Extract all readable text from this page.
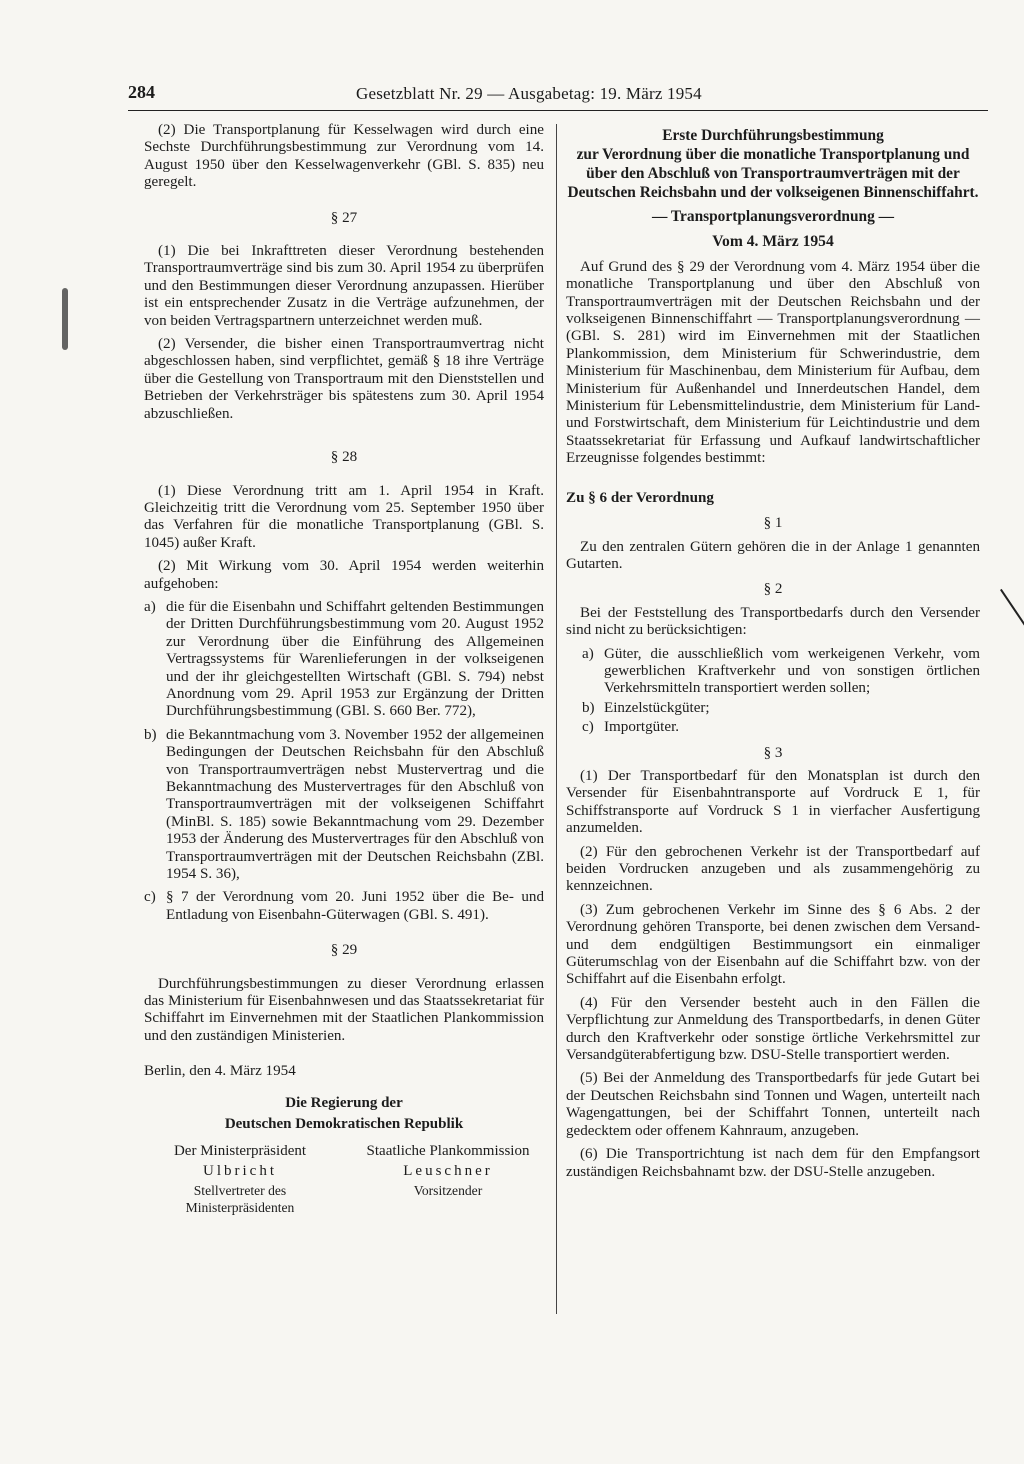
284	Gesetzblatt Nr. 29 — Ausgabetag: 19. März 1954

(2) Die Transportplanung für Kesselwagen wird durch eine Sechste Durchführungsbestimmung zur Verordnung vom 14. August 1950 über den Kesselwagenverkehr (GBl. S. 835) neu geregelt.

§ 27

(1) Die bei Inkrafttreten dieser Verordnung bestehenden Transportraumverträge sind bis zum 30. April 1954 zu überprüfen und den Bestimmungen dieser Verordnung anzupassen. Hierüber ist ein entsprechender Zusatz in die Verträge aufzunehmen, der von beiden Vertragspartnern unterzeichnet werden muß.

(2) Versender, die bisher einen Transportraumvertrag nicht abgeschlossen haben, sind verpflichtet, gemäß § 18 ihre Verträge über die Gestellung von Transportraum mit den Dienststellen und Betrieben der Verkehrsträger bis spätestens zum 30. April 1954 abzuschließen.

§ 28

(1) Diese Verordnung tritt am 1. April 1954 in Kraft. Gleichzeitig tritt die Verordnung vom 25. September 1950 über das Verfahren für die monatliche Transportplanung (GBl. S. 1045) außer Kraft.

(2) Mit Wirkung vom 30. April 1954 werden weiterhin aufgehoben:

a) die für die Eisenbahn und Schiffahrt geltenden Bestimmungen der Dritten Durchführungsbestimmung vom 20. August 1952 zur Verordnung über die Einführung des Allgemeinen Vertragssystems für Warenlieferungen in der volkseigenen und der ihr gleichgestellten Wirtschaft (GBl. S. 794) nebst Anordnung vom 29. April 1953 zur Ergänzung der Dritten Durchführungsbestimmung (GBl. S. 660 Ber. 772),
b) die Bekanntmachung vom 3. November 1952 der allgemeinen Bedingungen der Deutschen Reichsbahn für den Abschluß von Transportraumverträgen nebst Mustervertrag und die Bekanntmachung des Mustervertrages für den Abschluß von Transportraumverträgen mit der volkseigenen Schiffahrt (MinBl. S. 185) sowie Bekanntmachung vom 29. Dezember 1953 der Änderung des Mustervertrages für den Abschluß von Transportraumverträgen mit der Deutschen Reichsbahn (ZBl. 1954 S. 36),
c) § 7 der Verordnung vom 20. Juni 1952 über die Be- und Entladung von Eisenbahn-Güterwagen (GBl. S. 491).
§ 29

Durchführungsbestimmungen zu dieser Verordnung erlassen das Ministerium für Eisenbahnwesen und das Staatssekretariat für Schiffahrt im Einvernehmen mit der Staatlichen Plankommission und den zuständigen Ministerien.

Berlin, den 4. März 1954

Die Regierung der
Deutschen Demokratischen Republik
Der Ministerpräsident
Ulbricht
Stellvertreter des
Ministerpräsidenten
Staatliche Plankommission
Leuschner
Vorsitzender
Erste Durchführungsbestimmung
zur Verordnung über die monatliche Transportplanung und über den Abschluß von Transportraumverträgen mit der Deutschen Reichsbahn und der volkseigenen Binnenschiffahrt.
— Transportplanungsverordnung —
Vom 4. März 1954

Auf Grund des § 29 der Verordnung vom 4. März 1954 über die monatliche Transportplanung und über den Abschluß von Transportraumverträgen mit der Deutschen Reichsbahn und der volkseigenen Binnenschiffahrt — Transportplanungsverordnung — (GBl. S. 281) wird im Einvernehmen mit der Staatlichen Plankommission, dem Ministerium für Schwerindustrie, dem Ministerium für Maschinenbau, dem Ministerium für Aufbau, dem Ministerium für Außenhandel und Innerdeutschen Handel, dem Ministerium für Lebensmittelindustrie, dem Ministerium für Land- und Forstwirtschaft, dem Ministerium für Leichtindustrie und dem Staatssekretariat für Erfassung und Aufkauf landwirtschaftlicher Erzeugnisse folgendes bestimmt:

Zu § 6 der Verordnung

§ 1

Zu den zentralen Gütern gehören die in der Anlage 1 genannten Gutarten.

§ 2

Bei der Feststellung des Transportbedarfs durch den Versender sind nicht zu berücksichtigen:

a) Güter, die ausschließlich vom werkeigenen Verkehr, vom gewerblichen Kraftverkehr und von sonstigen örtlichen Verkehrsmitteln transportiert werden sollen;
b) Einzelstückgüter;
c) Importgüter.
§ 3

(1) Der Transportbedarf für den Monatsplan ist durch den Versender für Eisenbahntransporte auf Vordruck E 1, für Schiffstransporte auf Vordruck S 1 in vierfacher Ausfertigung anzumelden.

(2) Für den gebrochenen Verkehr ist der Transportbedarf auf beiden Vordrucken anzugeben und als zusammengehörig zu kennzeichnen.

(3) Zum gebrochenen Verkehr im Sinne des § 6 Abs. 2 der Verordnung gehören Transporte, bei denen zwischen dem Versand- und dem endgültigen Bestimmungsort ein einmaliger Güterumschlag von der Eisenbahn auf die Schiffahrt bzw. von der Schiffahrt auf die Eisenbahn erfolgt.

(4) Für den Versender besteht auch in den Fällen die Verpflichtung zur Anmeldung des Transportbedarfs, in denen Güter durch den Kraftverkehr oder sonstige örtliche Verkehrsmittel zur Versandgüterabfertigung bzw. DSU-Stelle transportiert werden.

(5) Bei der Anmeldung des Transportbedarfs für jede Gutart bei der Deutschen Reichsbahn sind Tonnen und Wagen, unterteilt nach Wagengattungen, bei der Schiffahrt Tonnen, unterteilt nach gedecktem oder offenem Kahnraum, anzugeben.

(6) Die Transportrichtung ist nach dem für den Empfangsort zuständigen Reichsbahnamt bzw. der DSU-Stelle anzugeben.
